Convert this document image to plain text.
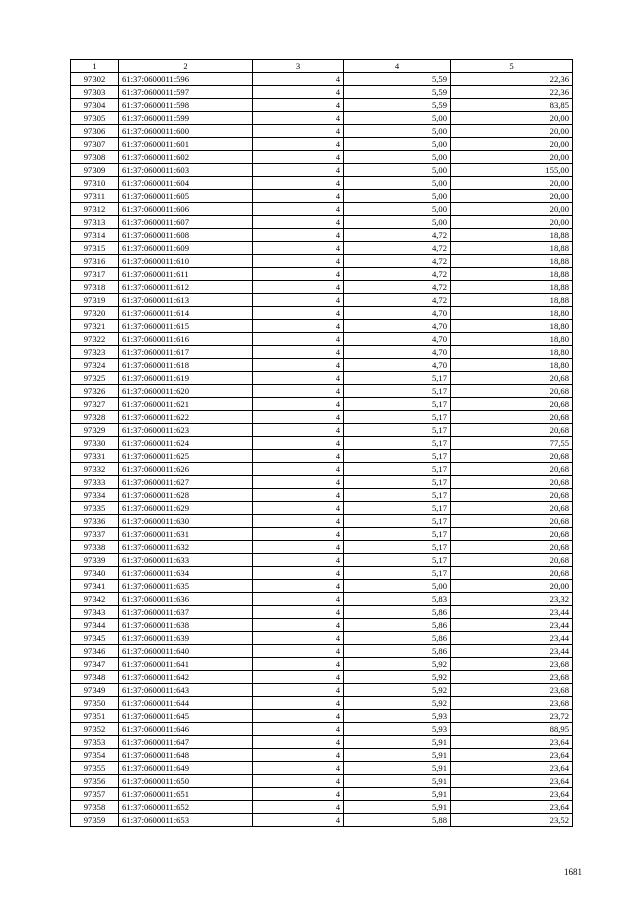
1	2	3	4	5
97302	61:37:0600011:596	4	5,59	22,36
97303	61:37:0600011:597	4	5,59	22,36
97304	61:37:0600011:598	4	5,59	83,85
97305	61:37:0600011:599	4	5,00	20,00
97306	61:37:0600011:600	4	5,00	20,00
97307	61:37:0600011:601	4	5,00	20,00
97308	61:37:0600011:602	4	5,00	20,00
97309	61:37:0600011:603	4	5,00	155,00
97310	61:37:0600011:604	4	5,00	20,00
97311	61:37:0600011:605	4	5,00	20,00
97312	61:37:0600011:606	4	5,00	20,00
97313	61:37:0600011:607	4	5,00	20,00
97314	61:37:0600011:608	4	4,72	18,88
97315	61:37:0600011:609	4	4,72	18,88
97316	61:37:0600011:610	4	4,72	18,88
97317	61:37:0600011:611	4	4,72	18,88
97318	61:37:0600011:612	4	4,72	18,88
97319	61:37:0600011:613	4	4,72	18,88
97320	61:37:0600011:614	4	4,70	18,80
97321	61:37:0600011:615	4	4,70	18,80
97322	61:37:0600011:616	4	4,70	18,80
97323	61:37:0600011:617	4	4,70	18,80
97324	61:37:0600011:618	4	4,70	18,80
97325	61:37:0600011:619	4	5,17	20,68
97326	61:37:0600011:620	4	5,17	20,68
97327	61:37:0600011:621	4	5,17	20,68
97328	61:37:0600011:622	4	5,17	20,68
97329	61:37:0600011:623	4	5,17	20,68
97330	61:37:0600011:624	4	5,17	77,55
97331	61:37:0600011:625	4	5,17	20,68
97332	61:37:0600011:626	4	5,17	20,68
97333	61:37:0600011:627	4	5,17	20,68
97334	61:37:0600011:628	4	5,17	20,68
97335	61:37:0600011:629	4	5,17	20,68
97336	61:37:0600011:630	4	5,17	20,68
97337	61:37:0600011:631	4	5,17	20,68
97338	61:37:0600011:632	4	5,17	20,68
97339	61:37:0600011:633	4	5,17	20,68
97340	61:37:0600011:634	4	5,17	20,68
97341	61:37:0600011:635	4	5,00	20,00
97342	61:37:0600011:636	4	5,83	23,32
97343	61:37:0600011:637	4	5,86	23,44
97344	61:37:0600011:638	4	5,86	23,44
97345	61:37:0600011:639	4	5,86	23,44
97346	61:37:0600011:640	4	5,86	23,44
97347	61:37:0600011:641	4	5,92	23,68
97348	61:37:0600011:642	4	5,92	23,68
97349	61:37:0600011:643	4	5,92	23,68
97350	61:37:0600011:644	4	5,92	23,68
97351	61:37:0600011:645	4	5,93	23,72
97352	61:37:0600011:646	4	5,93	88,95
97353	61:37:0600011:647	4	5,91	23,64
97354	61:37:0600011:648	4	5,91	23,64
97355	61:37:0600011:649	4	5,91	23,64
97356	61:37:0600011:650	4	5,91	23,64
97357	61:37:0600011:651	4	5,91	23,64
97358	61:37:0600011:652	4	5,91	23,64
97359	61:37:0600011:653	4	5,88	23,52
1681
